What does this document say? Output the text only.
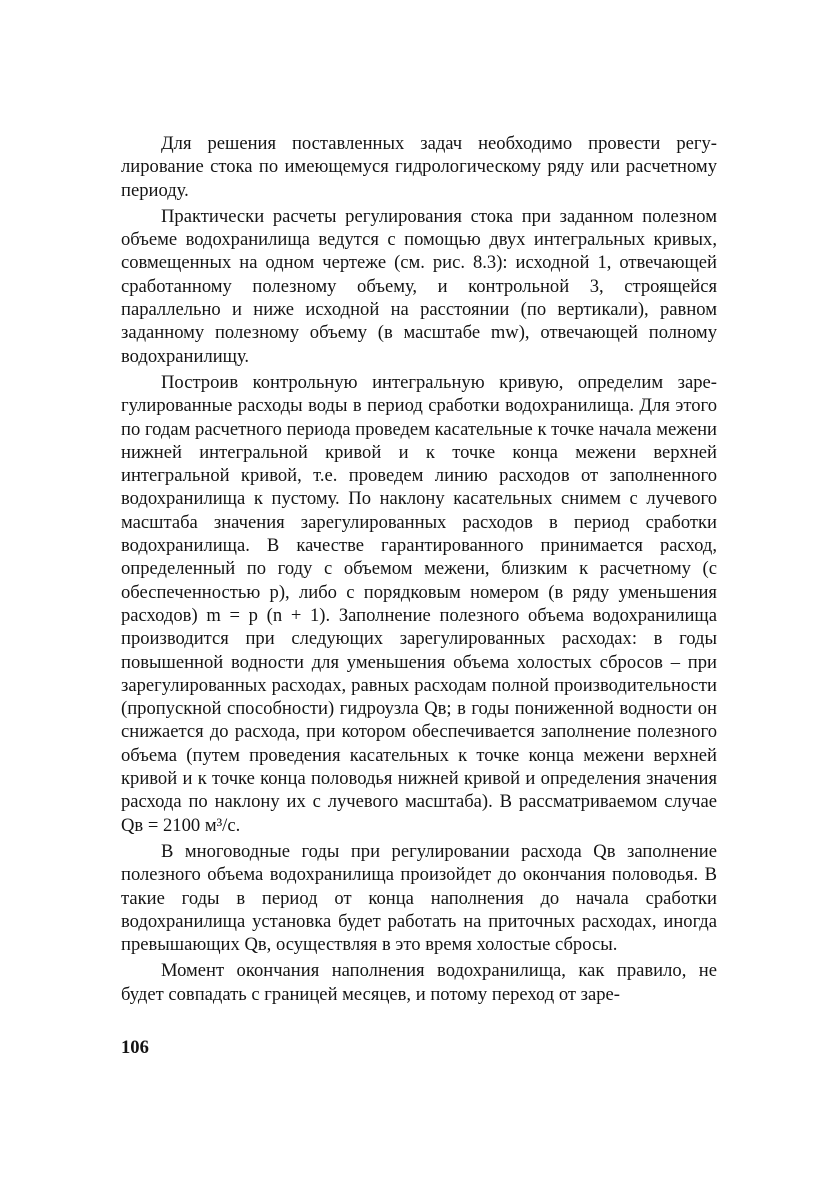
Для решения поставленных задач необходимо провести регулирование стока по имеющемуся гидрологическому ряду или расчетному периоду.

Практически расчеты регулирования стока при заданном полезном объеме водохранилища ведутся с помощью двух интегральных кривых, совмещенных на одном чертеже (см. рис. 8.3): исходной 1, отвечающей сработанному полезному объему, и контрольной 3, строящейся параллельно и ниже исходной на расстоянии (по вертикали), равном заданному полезному объему (в масштабе mw), отвечающей полному водохранилищу.

Построив контрольную интегральную кривую, определим зарегулированные расходы воды в период сработки водохранилища. Для этого по годам расчетного периода проведем касательные к точке начала межени нижней интегральной кривой и к точке конца межени верхней интегральной кривой, т.е. проведем линию расходов от заполненного водохранилища к пустому. По наклону касательных снимем с лучевого масштаба значения зарегулированных расходов в период сработки водохранилища. В качестве гарантированного принимается расход, определенный по году с объемом межени, близким к расчетному (с обеспеченностью p), либо с порядковым номером (в ряду уменьшения расходов) m = p (n + 1). Заполнение полезного объема водохранилища производится при следующих зарегулированных расходах: в годы повышенной водности для уменьшения объема холостых сбросов – при зарегулированных расходах, равных расходам полной производительности (пропускной способности) гидроузла Qв; в годы пониженной водности он снижается до расхода, при котором обеспечивается заполнение полезного объема (путем проведения касательных к точке конца межени верхней кривой и к точке конца половодья нижней кривой и определения значения расхода по наклону их с лучевого масштаба). В рассматриваемом случае Qв = 2100 м³/с.

В многоводные годы при регулировании расхода Qв заполнение полезного объема водохранилища произойдет до окончания половодья. В такие годы в период от конца наполнения до начала сработки водохранилища установка будет работать на приточных расходах, иногда превышающих Qв, осуществляя в это время холостые сбросы.

Момент окончания наполнения водохранилища, как правило, не будет совпадать с границей месяцев, и потому переход от заре-

106
